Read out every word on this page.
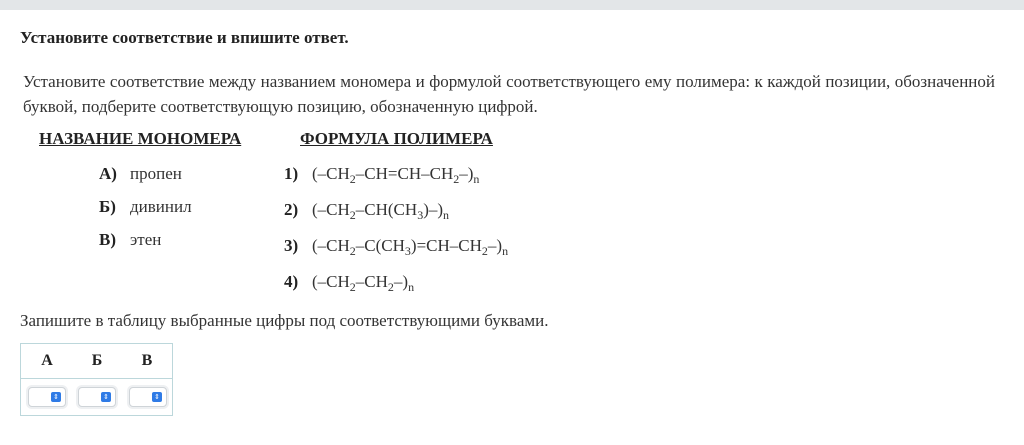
Установите соответствие и впишите ответ.
Установите соответствие между названием мономера и формулой соответствующего ему полимера: к каждой позиции, обозначенной буквой, подберите соответствующую позицию, обозначенную цифрой.
НАЗВАНИЕ МОНОМЕРА	ФОРМУЛА ПОЛИМЕРА
А) пропен
Б) дивинил
В) этен
1) $(-CH_2-CH=CH-CH_2-)_n$
2) $(-CH_2-CH(CH_3)-)_n$
3) $(-CH_2-C(CH_3)=CH-CH_2-)_n$
4) $(-CH_2-CH_2-)_n$
Запишите в таблицу выбранные цифры под соответствующими буквами.
А	Б	В
⇕	⇕	⇕
